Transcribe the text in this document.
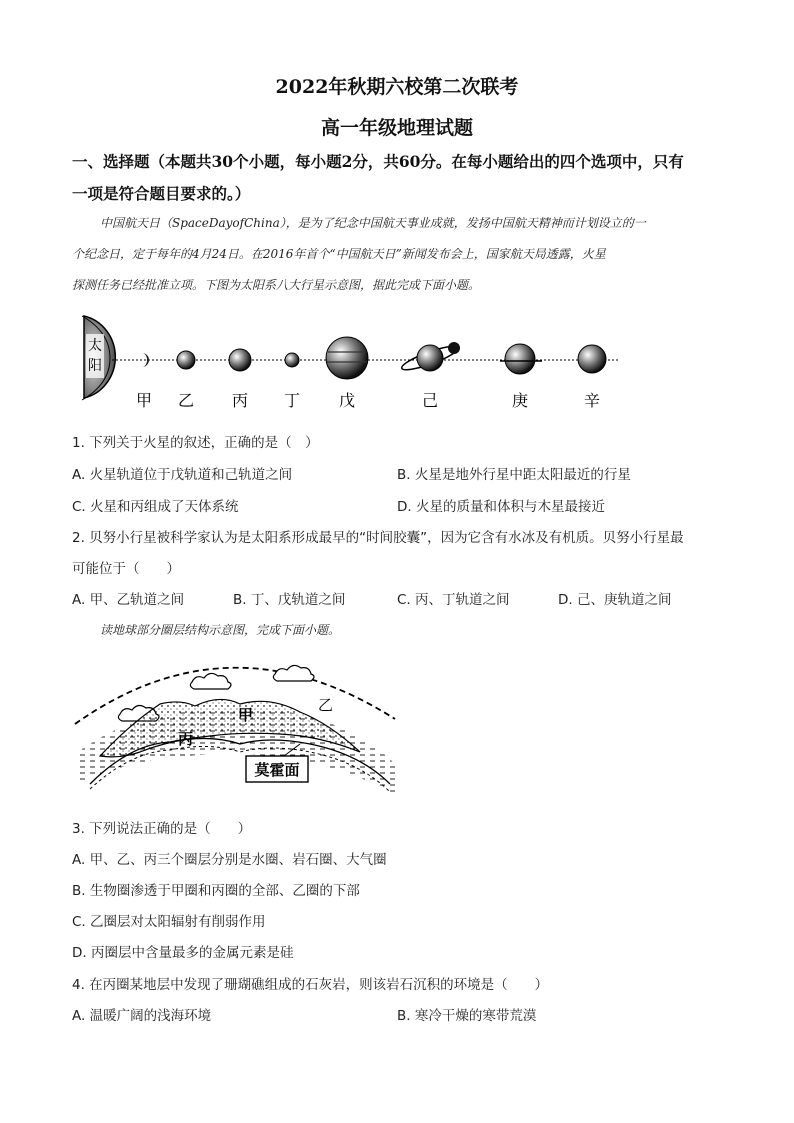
2022年秋期六校第二次联考
高一年级地理试题
一、选择题（本题共30个小题，每小题2分，共60分。在每小题给出的四个选项中，只有
一项是符合题目要求的。）
中国航天日（SpaceDayofChina），是为了纪念中国航天事业成就，发扬中国航天精神而计划设立的一
个纪念日，定于每年的4月24日。在2016年首个“中国航天日”新闻发布会上，国家航天局透露，火星
探测任务已经批准立项。下图为太阳系八大行星示意图，据此完成下面小题。
太
阳
甲 乙 丙 丁 戊	己	庚	辛
1. 下列关于火星的叙述，正确的是（　）
A. 火星轨道位于戊轨道和己轨道之间	B. 火星是地外行星中距太阳最近的行星
C. 火星和丙组成了天体系统	D. 火星的质量和体积与木星最接近
2. 贝努小行星被科学家认为是太阳系形成最早的“时间胶囊”，因为它含有水冰及有机质。贝努小行星最
可能位于（　　）
A. 甲、乙轨道之间	B. 丁、戊轨道之间	C. 丙、丁轨道之间	D. 己、庚轨道之间
读地球部分圈层结构示意图，完成下面小题。
甲
乙
丙
莫霍面
3. 下列说法正确的是（　　）
A. 甲、乙、丙三个圈层分别是水圈、岩石圈、大气圈
B. 生物圈渗透于甲圈和丙圈的全部、乙圈的下部
C. 乙圈层对太阳辐射有削弱作用
D. 丙圈层中含量最多的金属元素是硅
4. 在丙圈某地层中发现了珊瑚礁组成的石灰岩，则该岩石沉积的环境是（　　）
A. 温暖广阔的浅海环境	B. 寒冷干燥的寒带荒漠
